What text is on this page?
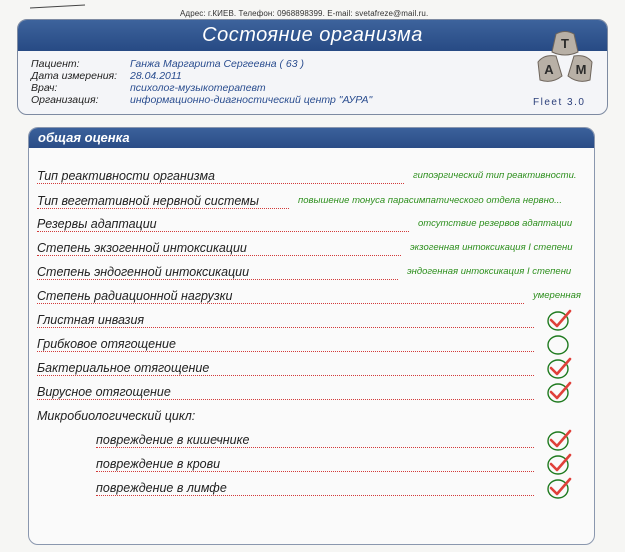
Адрес: г.КИЕВ. Телефон: 0968898399. E-mail: svetafreze@mail.ru.
Состояние организма
Пациент:	Ганжа Маргарита Сергеевна ( 63 )
Дата измерения: 28.04.2011
Врач:	психолог-музыкотерапевт
Организация:	информационно-диагностический центр "АУРА"
Т
А М
Fleet 3.0
общая оценка
Тип реактивности организма	гипоэргический тип реактивности.
Тип вегетативной нервной системы	повышение тонуса парасимпатического отдела нервно...
Резервы адаптации	отсутствие резервов адаптации
Степень экзогенной интоксикации	экзогенная интоксикация I степени
Степень эндогенной интоксикации	эндогенная интоксикация I степени
Степень радиационной нагрузки	умеренная
Глистная инвазия
Грибковое отягощение
Бактериальное отягощение
Вирусное отягощение
Микробиологический цикл:
повреждение в кишечнике
повреждение в крови
повреждение в лимфе
